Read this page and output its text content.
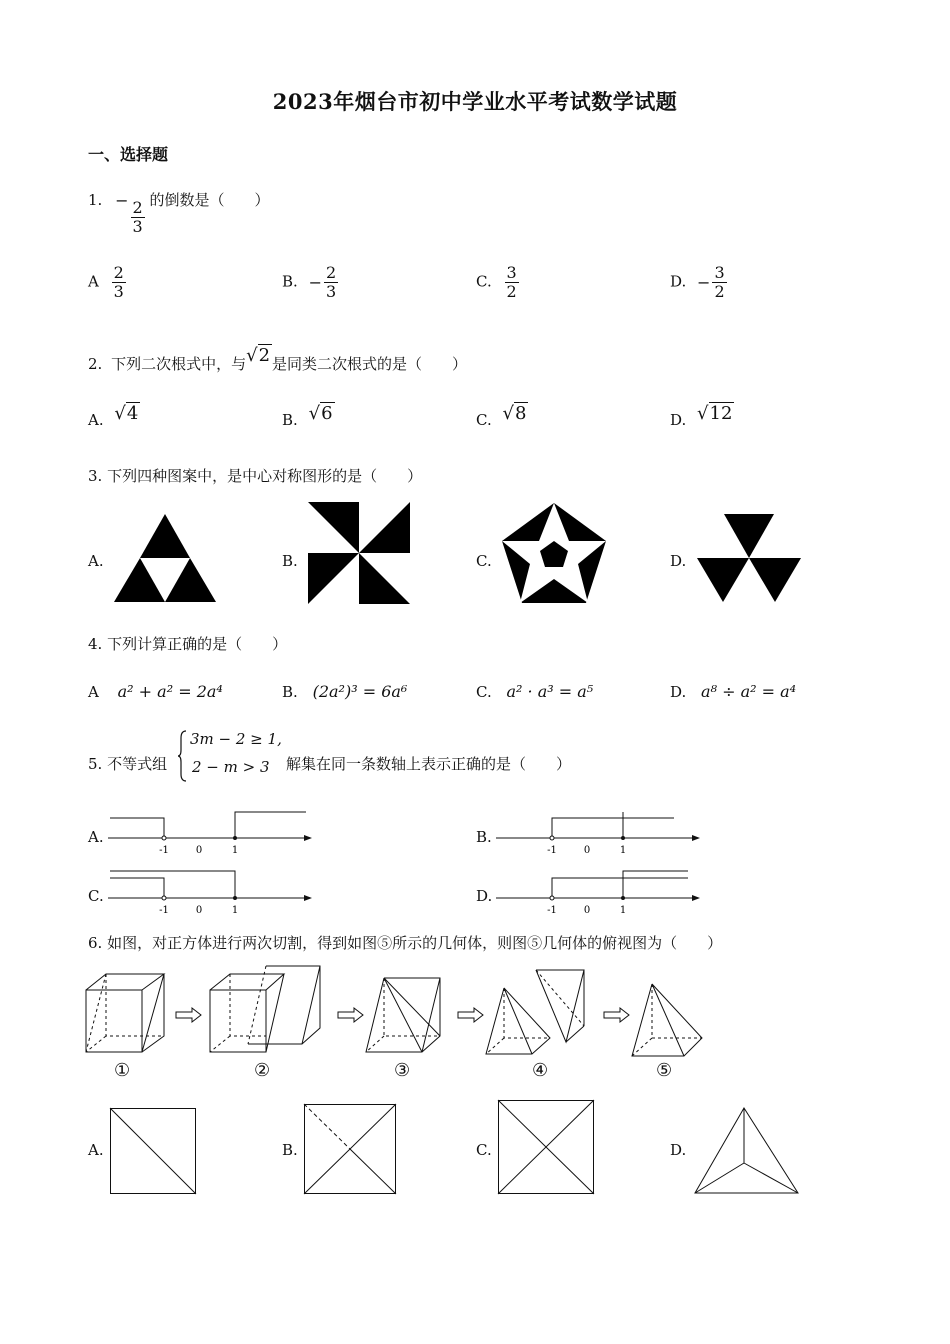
2023年烟台市初中学业水平考试数学试题
一、选择题
1. − $\frac{2}{3}$ 的倒数是（　　）
A $\frac{2}{3}$	B. − $\frac{2}{3}$	C. $\frac{3}{2}$	D. − $\frac{3}{2}$
2. 下列二次根式中，与√2 是同类二次根式的是（　　）
A. √4	B. √6	C. √8	D. √12
3. 下列四种图案中，是中心对称图形的是（　　）
A.	B.	C.	D.
4. 下列计算正确的是（　　）
A a² + a² = 2a⁴	B. (2a²)³ = 6a⁶	C. a² · a³ = a⁵	D. a⁸ ÷ a² = a⁴
5. 不等式组
3m − 2 ≥ 1,
2 − m > 3 解集在同一条数轴上表示正确的是（　　）
A.	B.
C.	D.
-1	0	1	-1	0	1
-1	0	1	-1	0	1
6. 如图，对正方体进行两次切割，得到如图⑤所示的几何体，则图⑤几何体的俯视图为（　　）
①	②	③	④	⑤
A.	B.	C.	D.
